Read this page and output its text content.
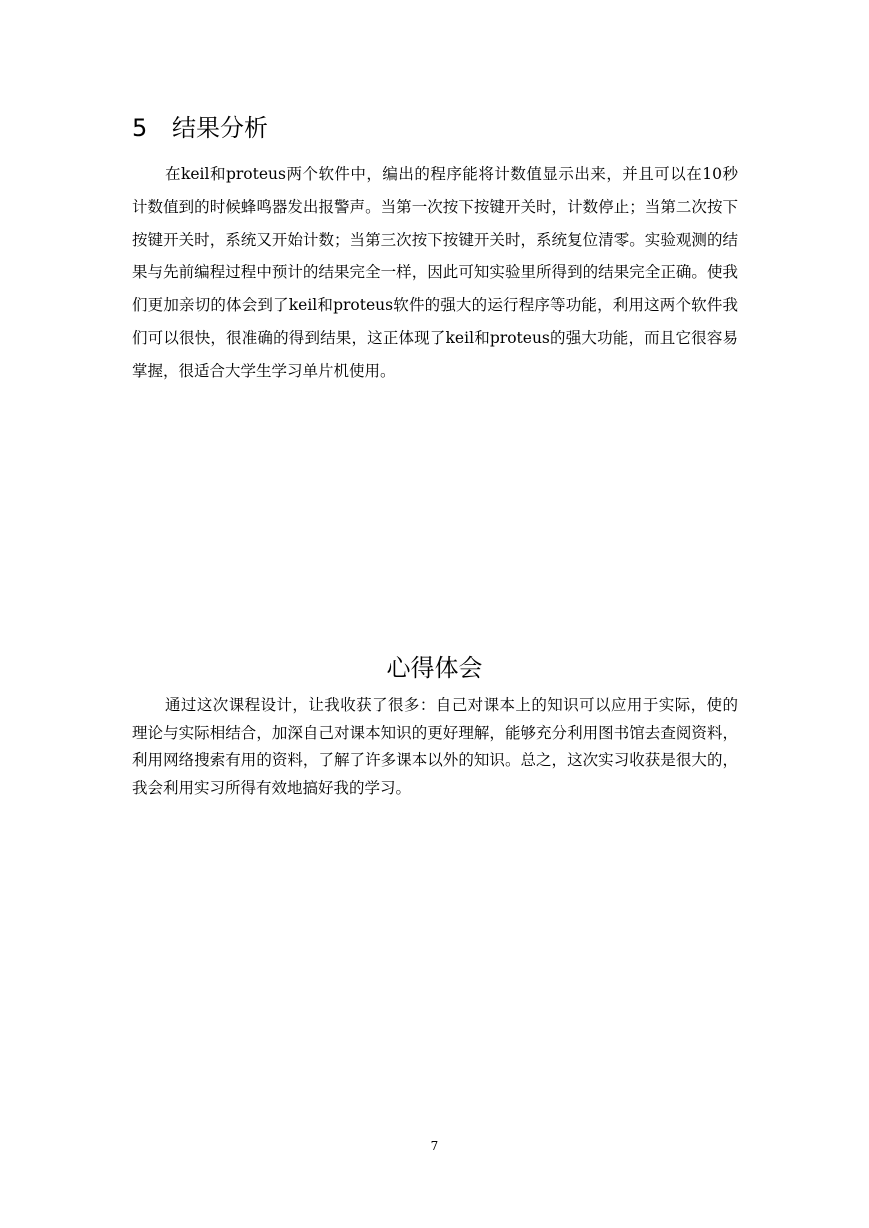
5 结果分析

在keil和proteus两个软件中，编出的程序能将计数值显示出来，并且可以在10秒计数值到的时候蜂鸣器发出报警声。当第一次按下按键开关时，计数停止；当第二次按下按键开关时，系统又开始计数；当第三次按下按键开关时，系统复位清零。实验观测的结果与先前编程过程中预计的结果完全一样，因此可知实验里所得到的结果完全正确。使我们更加亲切的体会到了keil和proteus软件的强大的运行程序等功能，利用这两个软件我们可以很快，很准确的得到结果，这正体现了keil和proteus的强大功能，而且它很容易掌握，很适合大学生学习单片机使用。

心得体会

通过这次课程设计，让我收获了很多：自己对课本上的知识可以应用于实际，使的理论与实际相结合，加深自己对课本知识的更好理解，能够充分利用图书馆去查阅资料，利用网络搜索有用的资料，了解了许多课本以外的知识。总之，这次实习收获是很大的，我会利用实习所得有效地搞好我的学习。

7
